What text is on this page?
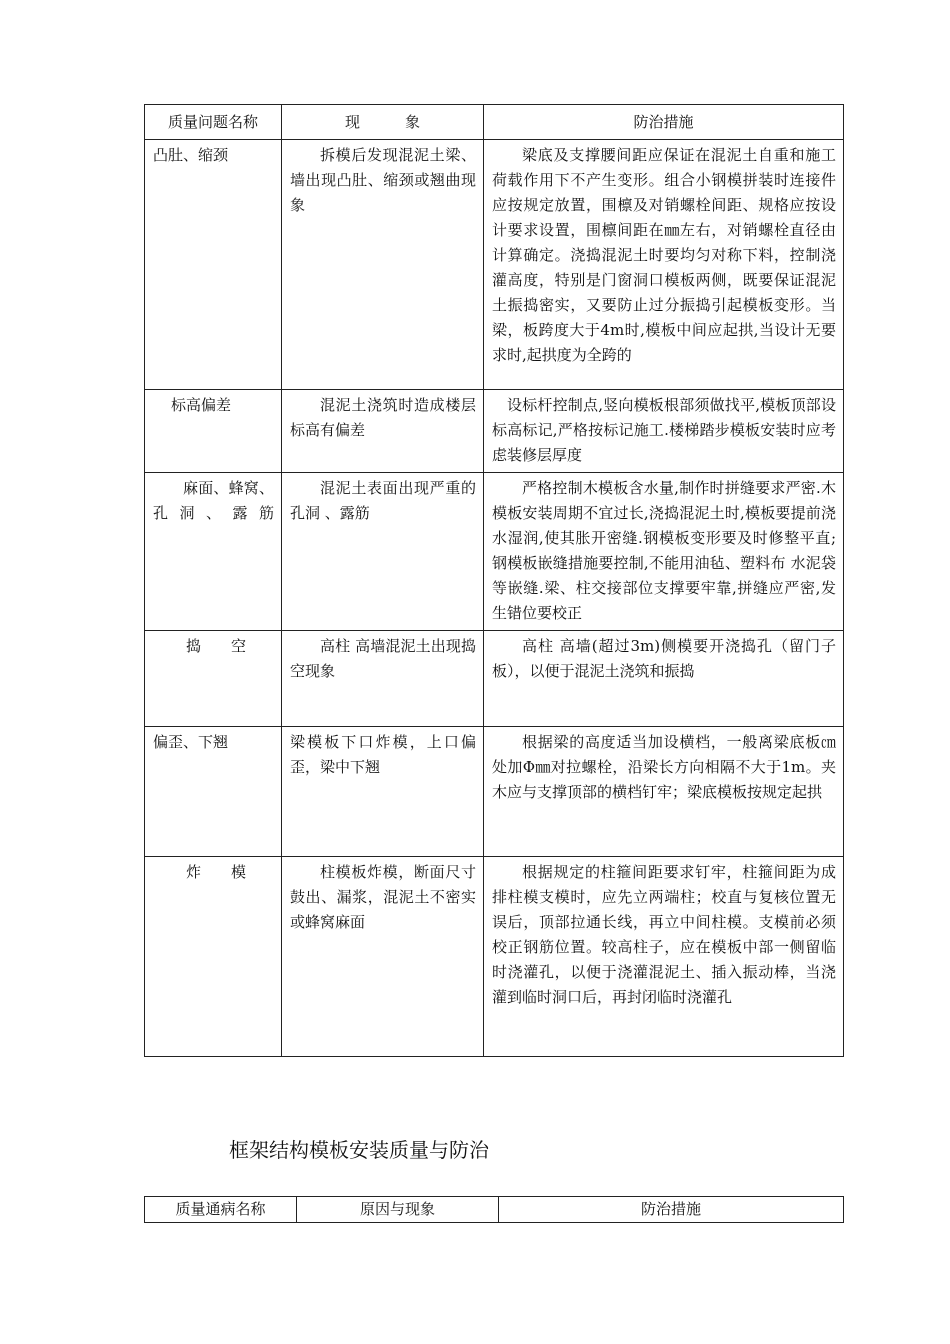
质量问题名称	现　　　象	防治措施

凸肚、缩颈	拆模后发现混泥土梁、墙出现凸肚、缩颈或翘曲现象	梁底及支撑腰间距应保证在混泥土自重和施工荷载作用下不产生变形。组合小钢模拼装时连接件应按规定放置，围檩及对销螺栓间距、规格应按设计要求设置，围檩间距在㎜左右，对销螺栓直径由计算确定。浇捣混泥土时要均匀对称下料，控制浇灌高度，特别是门窗洞口模板两侧，既要保证混泥土振捣密实，又要防止过分振捣引起模板变形。当梁，板跨度大于4m时,模板中间应起拱,当设计无要求时,起拱度为全跨的

标高偏差	混泥土浇筑时造成楼层标高有偏差	设标杆控制点,竖向模板根部须做找平,模板顶部设标高标记,严格按标记施工.楼梯踏步模板安装时应考虑装修层厚度

麻面、蜂窝、孔洞、露筋	混泥土表面出现严重的孔洞 、露筋	严格控制木模板含水量,制作时拼缝要求严密.木模板安装周期不宜过长,浇捣混泥土时,模板要提前浇水湿润,使其胀开密缝.钢模板变形要及时修整平直;钢模板嵌缝措施要控制,不能用油毡、塑料布 水泥袋等嵌缝.梁、柱交接部位支撑要牢靠,拼缝应严密,发生错位要校正

捣　　空	高柱 高墙混泥土出现捣空现象	高柱 高墙(超过3m)侧模要开浇捣孔（留门子板），以便于混泥土浇筑和振捣

偏歪、下翘	梁模板下口炸模，上口偏歪，梁中下翘	根据梁的高度适当加设横档，一般离梁底板㎝处加Φ㎜对拉螺栓，沿梁长方向相隔不大于1m。夹木应与支撑顶部的横档钉牢；梁底模板按规定起拱

炸　　模	柱模板炸模，断面尺寸鼓出、漏浆，混泥土不密实或蜂窝麻面	根据规定的柱箍间距要求钉牢，柱箍间距为成排柱模支模时，应先立两端柱；校直与复核位置无误后，顶部拉通长线，再立中间柱模。支模前必须校正钢筋位置。较高柱子，应在模板中部一侧留临时浇灌孔，以便于浇灌混泥土、插入振动棒，当浇灌到临时洞口后，再封闭临时浇灌孔
框架结构模板安装质量与防治
质量通病名称	原因与现象	防治措施
